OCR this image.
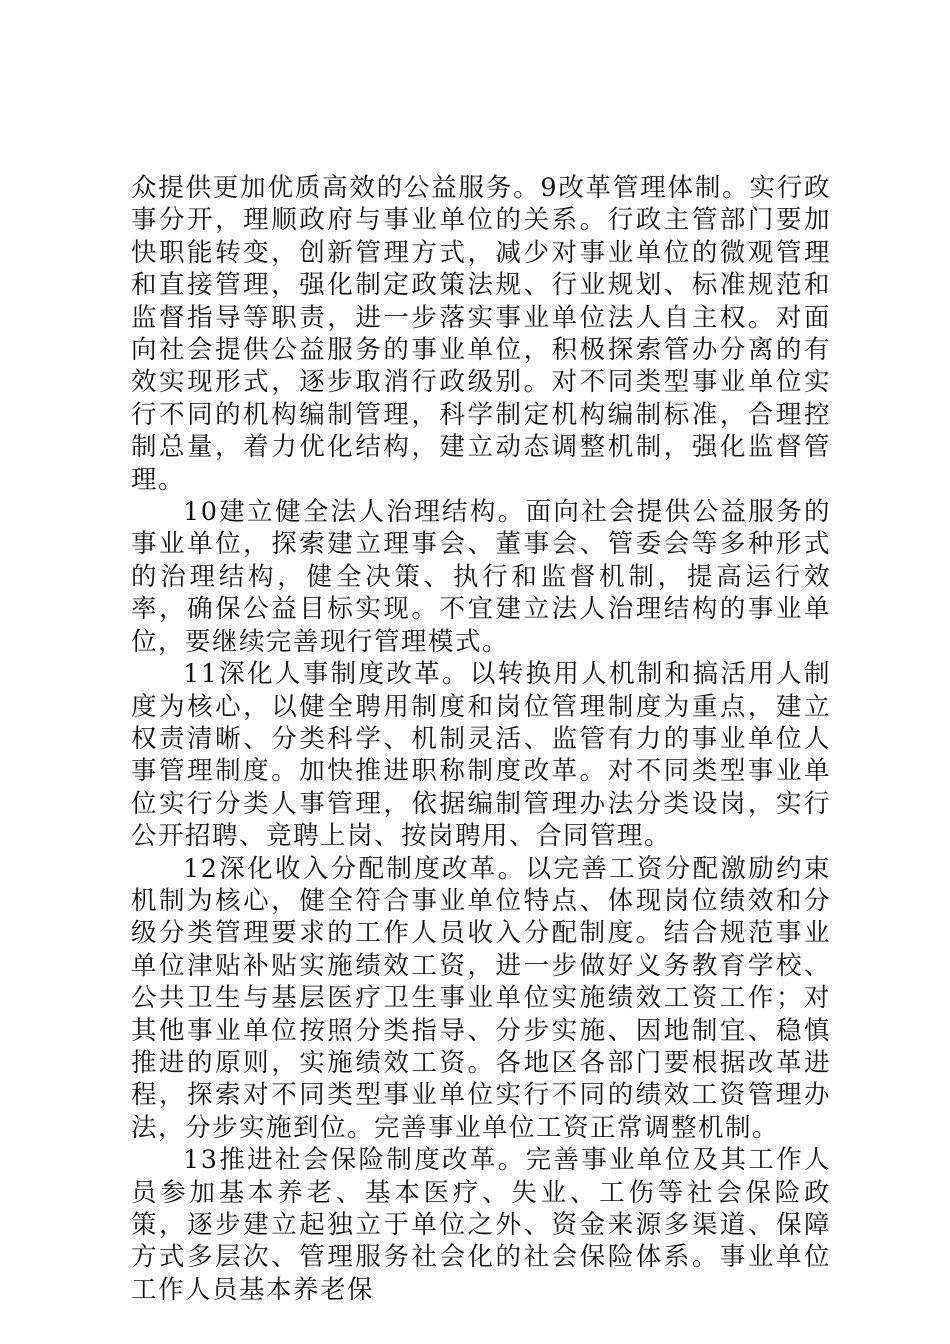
众提供更加优质高效的公益服务。9改革管理体制。实行政事分开，理顺政府与事业单位的关系。行政主管部门要加快职能转变，创新管理方式，减少对事业单位的微观管理和直接管理，强化制定政策法规、行业规划、标准规范和监督指导等职责，进一步落实事业单位法人自主权。对面向社会提供公益服务的事业单位，积极探索管办分离的有效实现形式，逐步取消行政级别。对不同类型事业单位实行不同的机构编制管理，科学制定机构编制标准，合理控制总量，着力优化结构，建立动态调整机制，强化监督管理。

10建立健全法人治理结构。面向社会提供公益服务的事业单位，探索建立理事会、董事会、管委会等多种形式的治理结构，健全决策、执行和监督机制，提高运行效率，确保公益目标实现。不宜建立法人治理结构的事业单位，要继续完善现行管理模式。

11深化人事制度改革。以转换用人机制和搞活用人制度为核心，以健全聘用制度和岗位管理制度为重点，建立权责清晰、分类科学、机制灵活、监管有力的事业单位人事管理制度。加快推进职称制度改革。对不同类型事业单位实行分类人事管理，依据编制管理办法分类设岗，实行公开招聘、竞聘上岗、按岗聘用、合同管理。

12深化收入分配制度改革。以完善工资分配激励约束机制为核心，健全符合事业单位特点、体现岗位绩效和分级分类管理要求的工作人员收入分配制度。结合规范事业单位津贴补贴实施绩效工资，进一步做好义务教育学校、公共卫生与基层医疗卫生事业单位实施绩效工资工作；对其他事业单位按照分类指导、分步实施、因地制宜、稳慎推进的原则，实施绩效工资。各地区各部门要根据改革进程，探索对不同类型事业单位实行不同的绩效工资管理办法，分步实施到位。完善事业单位工资正常调整机制。

13推进社会保险制度改革。完善事业单位及其工作人员参加基本养老、基本医疗、失业、工伤等社会保险政策，逐步建立起独立于单位之外、资金来源多渠道、保障方式多层次、管理服务社会化的社会保险体系。事业单位工作人员基本养老保
